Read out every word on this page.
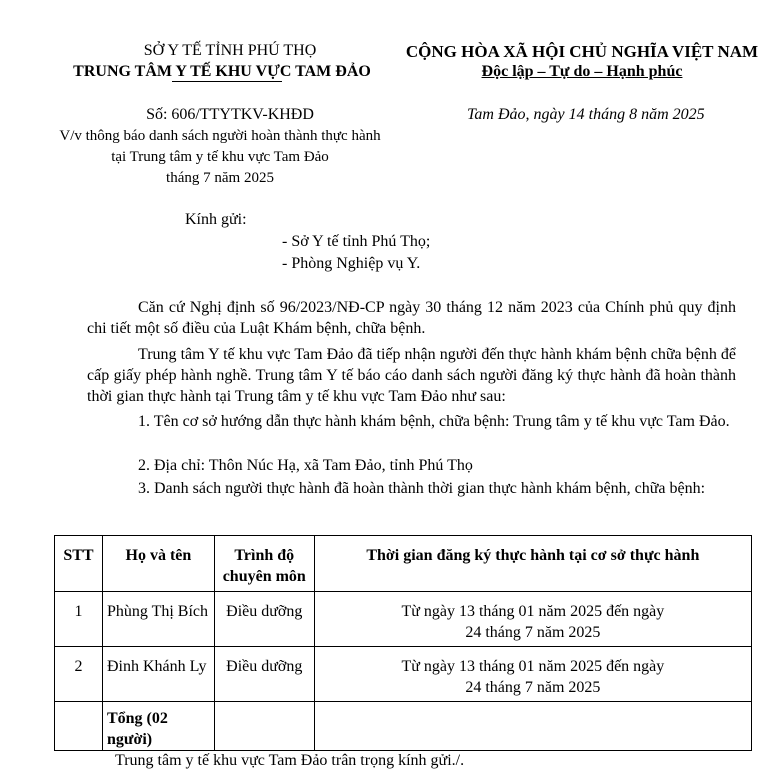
SỞ Y TẾ TỈNH PHÚ THỌ
TRUNG TÂM Y TẾ KHU VỰC TAM ĐẢO
CỘNG HÒA XÃ HỘI CHỦ NGHĨA VIỆT NAM
Độc lập – Tự do – Hạnh phúc
Số: 606/TTYTKV-KHĐD	Tam Đảo, ngày 14 tháng 8 năm 2025
V/v thông báo danh sách người hoàn thành thực hành
tại Trung tâm y tế khu vực Tam Đảo
tháng 7 năm 2025
Kính gửi:
- Sở Y tế tỉnh Phú Thọ;
- Phòng Nghiệp vụ Y.
Căn cứ Nghị định số 96/2023/NĐ-CP ngày 30 tháng 12 năm 2023 của Chính phủ quy định chi tiết một số điều của Luật Khám bệnh, chữa bệnh.
Trung tâm Y tế khu vực Tam Đảo đã tiếp nhận người đến thực hành khám bệnh chữa bệnh để cấp giấy phép hành nghề. Trung tâm Y tế báo cáo danh sách người đăng ký thực hành đã hoàn thành thời gian thực hành tại Trung tâm y tế khu vực Tam Đảo như sau:
1. Tên cơ sở hướng dẫn thực hành khám bệnh, chữa bệnh: Trung tâm y tế khu vực Tam Đảo.
2. Địa chỉ: Thôn Núc Hạ, xã Tam Đảo, tỉnh Phú Thọ
3. Danh sách người thực hành đã hoàn thành thời gian thực hành khám bệnh, chữa bệnh:
STT	Họ và tên	Trình độ
chuyên môn	Thời gian đăng ký thực hành tại cơ sở thực hành
1	Phùng Thị Bích	Điều dưỡng	Từ ngày 13 tháng 01 năm 2025 đến ngày
24 tháng 7 năm 2025

2	Đinh Khánh Ly	Điều dưỡng	Từ ngày 13 tháng 01 năm 2025 đến ngày
24 tháng 7 năm 2025

	Tổng (02 người)		
Trung tâm y tế khu vực Tam Đảo trân trọng kính gửi./.
